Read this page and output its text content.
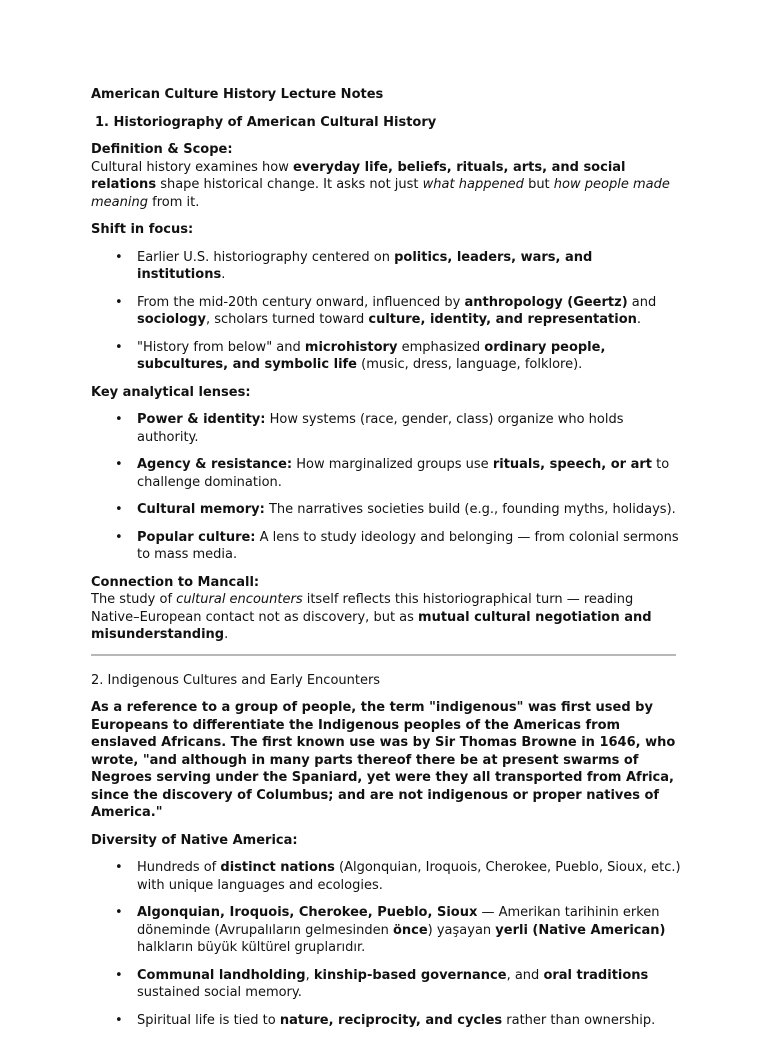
American Culture History Lecture Notes

1. Historiography of American Cultural History

Definition & Scope:

Cultural history examines how everyday life, beliefs, rituals, arts, and social relations shape historical change. It asks not just what happened but how people made meaning from it.

Shift in focus:

• Earlier U.S. historiography centered on politics, leaders, wars, and institutions.
• From the mid-20th century onward, influenced by anthropology (Geertz) and sociology, scholars turned toward culture, identity, and representation.
• "History from below" and microhistory emphasized ordinary people, subcultures, and symbolic life (music, dress, language, folklore).

Key analytical lenses:

• Power & identity: How systems (race, gender, class) organize who holds authority.
• Agency & resistance: How marginalized groups use rituals, speech, or art to challenge domination.
• Cultural memory: The narratives societies build (e.g., founding myths, holidays).
• Popular culture: A lens to study ideology and belonging — from colonial sermons to mass media.

Connection to Mancall:

The study of cultural encounters itself reflects this historiographical turn — reading Native–European contact not as discovery, but as mutual cultural negotiation and misunderstanding.

2. Indigenous Cultures and Early Encounters

As a reference to a group of people, the term "indigenous" was first used by Europeans to differentiate the Indigenous peoples of the Americas from enslaved Africans. The first known use was by Sir Thomas Browne in 1646, who wrote, "and although in many parts thereof there be at present swarms of Negroes serving under the Spaniard, yet were they all transported from Africa, since the discovery of Columbus; and are not indigenous or proper natives of America."

Diversity of Native America:

• Hundreds of distinct nations (Algonquian, Iroquois, Cherokee, Pueblo, Sioux, etc.) with unique languages and ecologies.
• Algonquian, Iroquois, Cherokee, Pueblo, Sioux — Amerikan tarihinin erken döneminde (Avrupalıların gelmesinden önce) yaşayan yerli (Native American) halkların büyük kültürel gruplarıdır.
• Communal landholding, kinship-based governance, and oral traditions sustained social memory.
• Spiritual life is tied to nature, reciprocity, and cycles rather than ownership.
